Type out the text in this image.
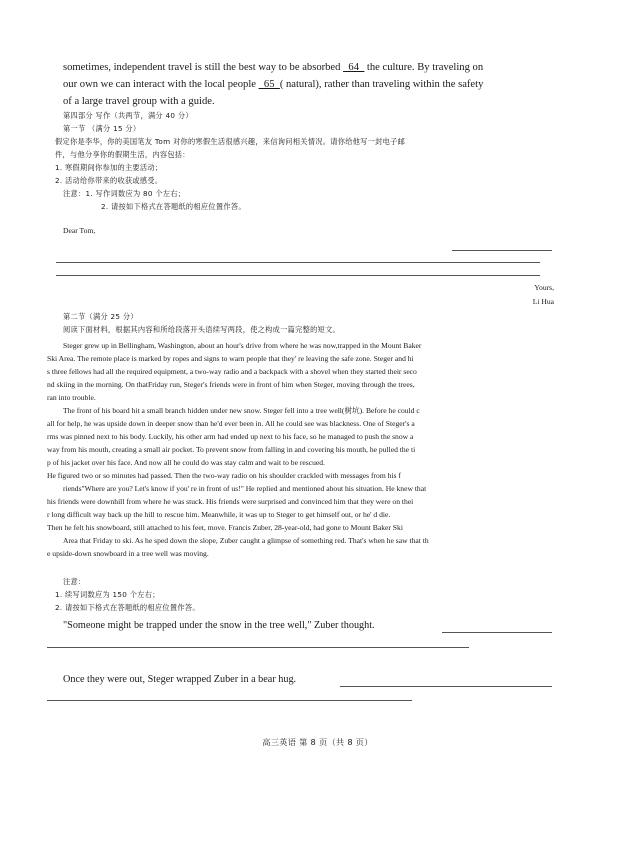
sometimes, independent travel is still the best way to be absorbed _64_ the culture. By traveling on
our own we can interact with the local people _65_( natural), rather than traveling within the safety
of a large travel group with a guide.
第四部分 写作（共两节，满分 40 分）
第一节 （满分 15 分）
假定你是李华，你的美国笔友 Tom 对你的寒假生活很感兴趣，来信询问相关情况。请你给他写一封电子邮
件，与他分享你的假期生活，内容包括：
1. 寒假期间你参加的主要活动；
2. 活动给你带来的收获或感受。
注意：1. 写作词数应为 80 个左右；
2. 请按如下格式在答题纸的相应位置作答。
Dear Tom,
Yours,
Li Hua
第二节（满分 25 分）
阅读下面材料，根据其内容和所给段落开头语续写两段，使之构成一篇完整的短文。
Steger grew up in Bellingham, Washington, about an hour's drive from where he was now,trapped in the Mount Baker
Ski Area. The remote place is marked by ropes and signs to warn people that they' re leaving the safe zone. Steger and hi
s three fellows had all the required equipment, a two-way radio and a backpack with a shovel when they started their seco
nd skiing in the morning. On thatFriday run, Steger's friends were in front of him when Steger, moving through the trees,
ran into trouble.
The front of his board hit a small branch hidden under new snow. Steger fell into a tree well(树坑). Before he could c
all for help, he was upside down in deeper snow than he'd ever been in. All he could see was blackness. One of Steger's a
rms was pinned next to his body. Luckily, his other arm had ended up next to his face, so he managed to push the snow a
way from his mouth, creating a small air pocket. To prevent snow from falling in and covering his mouth, he pulled the ti
p of his jacket over his face. And now all he could do was stay calm and wait to be rescued.
He figured two or so minutes had passed. Then the two-way radio on his shoulder crackled with messages from his f
riends"Where are you? Let's know if you' re in front of us!" He replied and mentioned about his situation. He knew that
his friends were downhill from where he was stuck. His friends were surprised and convinced him that they were on thei
r long difficult way back up the hill to rescue him. Meanwhile, it was up to Steger to get himself out, or he' d die.
Then he felt his snowboard, still attached to his feet, move. Francis Zuber, 28-year-old, had gone to Mount Baker Ski
Area that Friday to ski. As he sped down the slope, Zuber caught a glimpse of something red. That's when he saw that th
e upside-down snowboard in a tree well was moving.
注意：
1. 续写词数应为 150 个左右；
2. 请按如下格式在答题纸的相应位置作答。
"Someone might be trapped under the snow in the tree well," Zuber thought.
Once they were out, Steger wrapped Zuber in a bear hug.
高三英语 第 8 页（共 8 页）
